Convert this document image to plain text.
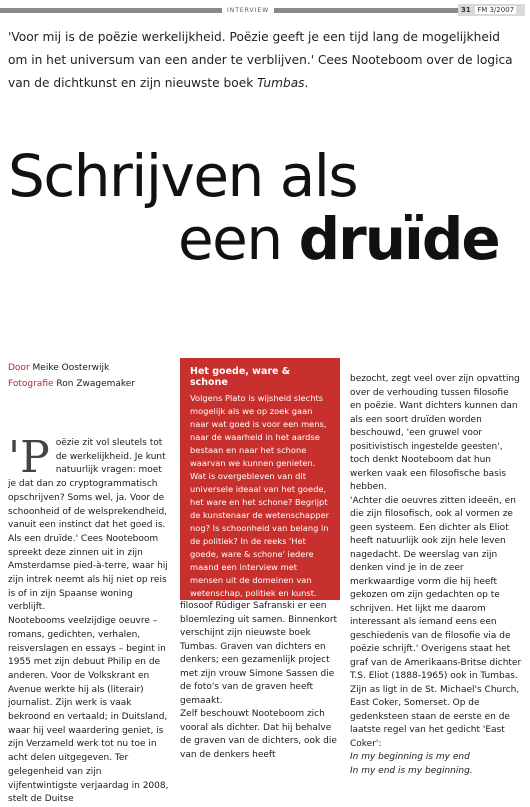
INTERVIEW	31 FM 3/2007

'Voor mij is de poëzie werkelijkheid. Poëzie geeft je een tijd lang de mogelijkheid om in het universum van een ander te verblijven.' Cees Nooteboom over de logica van de dichtkunst en zijn nieuwste boek Tumbas.

Schrijven als
een druïde
Door Meike Oosterwijk
Fotografie Ron Zwagemaker
'P oëzie zit vol sleutels tot de werkelijkheid. Je kunt natuurlijk vragen: moet je dat dan zo cryptogrammatisch opschrijven? Soms wel, ja. Voor de schoonheid of de welsprekendheid, vanuit een instinct dat het goed is. Als een druïde.' Cees Nooteboom spreekt deze zinnen uit in zijn Amsterdamse pied-à-terre, waar hij zijn intrek neemt als hij niet op reis is of in zijn Spaanse woning verblijft.

Nootebooms veelzijdige oeuvre – romans, gedichten, verhalen, reisverslagen en essays – begint in 1955 met zijn debuut Philip en de anderen. Voor de Volkskrant en Avenue werkte hij als (literair) journalist. Zijn werk is vaak bekroond en vertaald; in Duitsland, waar hij veel waardering geniet, is zijn Verzameld werk tot nu toe in acht delen uitgegeven. Ter gelegenheid van zijn vijfentwintigste verjaardag in 2008, stelt de Duitse

Het goede, ware & schone

Volgens Plato is wijsheid slechts mogelijk als we op zoek gaan naar wat goed is voor een mens, naar de waarheid in het aardse bestaan en naar het schone waarvan we kunnen genieten. Wat is overgebleven van dit universele ideaal van het goede, het ware en het schone? Begrijpt de kunstenaar de wetenschapper nog? Is schoonheid van belang in de politiek? In de reeks 'Het goede, ware & schone' iedere maand een interview met mensen uit de domeinen van wetenschap, politiek en kunst.

filosoof Rüdiger Safranski er een bloemlezing uit samen. Binnenkort verschijnt zijn nieuwste boek Tumbas. Graven van dichters en denkers; een gezamenlijk project met zijn vrouw Simone Sassen die de foto's van de graven heeft gemaakt.

Zelf beschouwt Nooteboom zich vooral als dichter. Dat hij behalve de graven van de dichters, ook die van de denkers heeft

bezocht, zegt veel over zijn opvatting over de verhouding tussen filosofie en poëzie. Want dichters kunnen dan als een soort druïden worden beschouwd, 'een gruwel voor positivistisch ingestelde geesten', toch denkt Nooteboom dat hun werken vaak een filosofische basis hebben.

'Achter die oeuvres zitten ideeën, en die zijn filosofisch, ook al vormen ze geen systeem. Een dichter als Eliot heeft natuurlijk ook zijn hele leven nagedacht. De weerslag van zijn denken vind je in de zeer merkwaardige vorm die hij heeft gekozen om zijn gedachten op te schrijven. Het lijkt me daarom interessant als iemand eens een geschiedenis van de filosofie via de poëzie schrijft.' Overigens staat het graf van de Amerikaans-Britse dichter T.S. Eliot (1888-1965) ook in Tumbas. Zijn as ligt in de St. Michael's Church, East Coker, Somerset. Op de gedenksteen staan de eerste en de laatste regel van het gedicht 'East Coker':

In my beginning is my end

In my end is my beginning.
